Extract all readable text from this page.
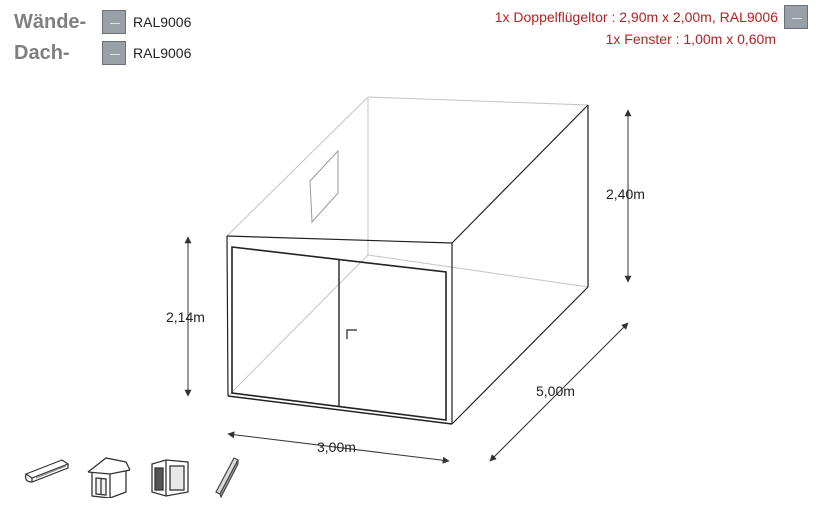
Wände-	RAL9006
Dach-	RAL9006
1x Doppelflügeltor : 2,90m x 2,00m, RAL9006
1x Fenster : 1,00m x 0,60m
2,40m
2,14m
5,00m
3,00m
